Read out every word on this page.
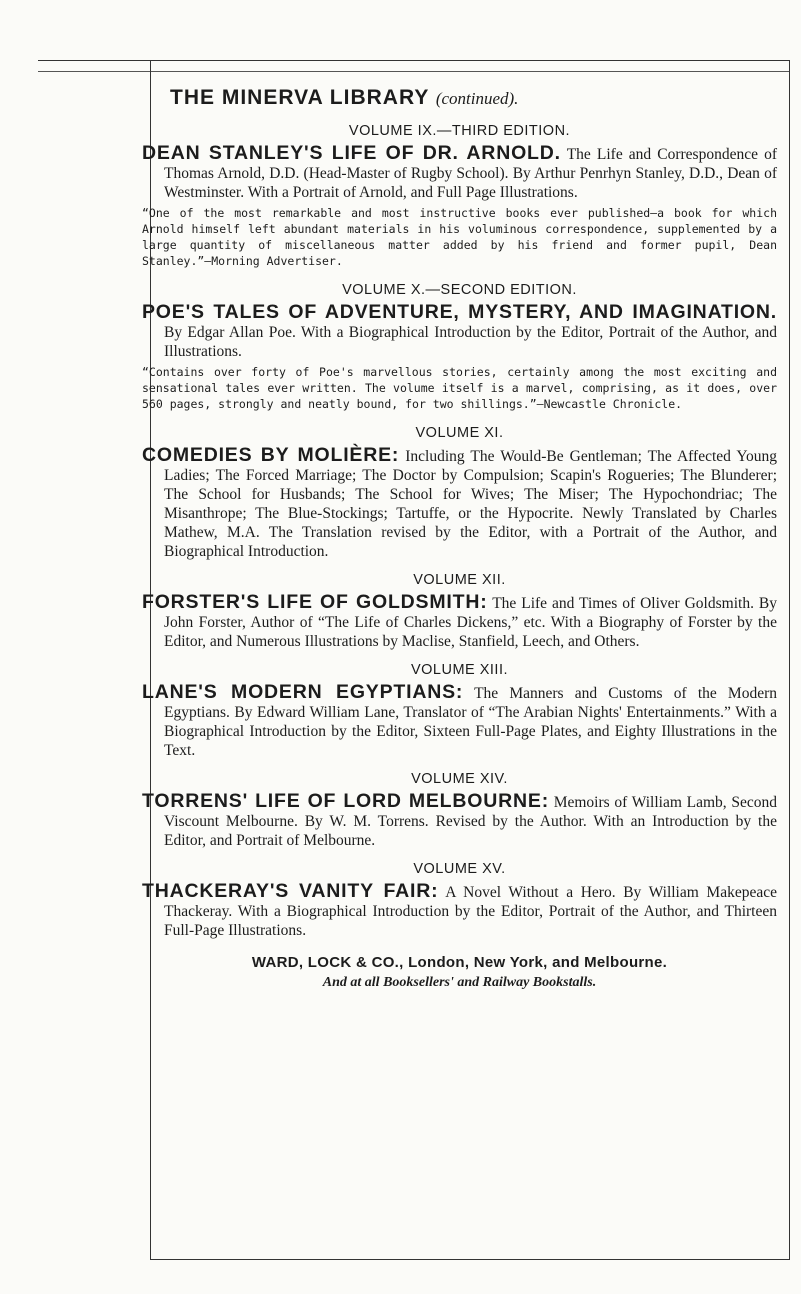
THE MINERVA LIBRARY (continued).
VOLUME IX.—THIRD EDITION.

DEAN STANLEY'S LIFE OF DR. ARNOLD. The Life and Correspondence of Thomas Arnold, D.D. (Head-Master of Rugby School). By Arthur Penrhyn Stanley, D.D., Dean of Westminster. With a Portrait of Arnold, and Full Page Illustrations.

“One of the most remarkable and most instructive books ever published—a book for which Arnold himself left abundant materials in his voluminous correspondence, supplemented by a large quantity of miscellaneous matter added by his friend and former pupil, Dean Stanley.”—Morning Advertiser.
VOLUME X.—SECOND EDITION.

POE'S TALES OF ADVENTURE, MYSTERY, AND IMAGINATION. By Edgar Allan Poe. With a Biographical Introduction by the Editor, Portrait of the Author, and Illustrations.

“Contains over forty of Poe's marvellous stories, certainly among the most exciting and sensational tales ever written. The volume itself is a marvel, comprising, as it does, over 560 pages, strongly and neatly bound, for two shillings.”—Newcastle Chronicle.
VOLUME XI.

COMEDIES BY MOLIÈRE: Including The Would-Be Gentleman; The Affected Young Ladies; The Forced Marriage; The Doctor by Compulsion; Scapin's Rogueries; The Blunderer; The School for Husbands; The School for Wives; The Miser; The Hypochondriac; The Misanthrope; The Blue-Stockings; Tartuffe, or the Hypocrite. Newly Translated by Charles Mathew, M.A. The Translation revised by the Editor, with a Portrait of the Author, and Biographical Introduction.

VOLUME XII.

FORSTER'S LIFE OF GOLDSMITH: The Life and Times of Oliver Goldsmith. By John Forster, Author of “The Life of Charles Dickens,” etc. With a Biography of Forster by the Editor, and Numerous Illustrations by Maclise, Stanfield, Leech, and Others.

VOLUME XIII.

LANE'S MODERN EGYPTIANS: The Manners and Customs of the Modern Egyptians. By Edward William Lane, Translator of “The Arabian Nights' Entertainments.” With a Biographical Introduction by the Editor, Sixteen Full-Page Plates, and Eighty Illustrations in the Text.

VOLUME XIV.

TORRENS' LIFE OF LORD MELBOURNE: Memoirs of William Lamb, Second Viscount Melbourne. By W. M. Torrens. Revised by the Author. With an Introduction by the Editor, and Portrait of Melbourne.

VOLUME XV.

THACKERAY'S VANITY FAIR: A Novel Without a Hero. By William Makepeace Thackeray. With a Biographical Introduction by the Editor, Portrait of the Author, and Thirteen Full-Page Illustrations.

WARD, LOCK & CO., London, New York, and Melbourne.
And at all Booksellers' and Railway Bookstalls.
